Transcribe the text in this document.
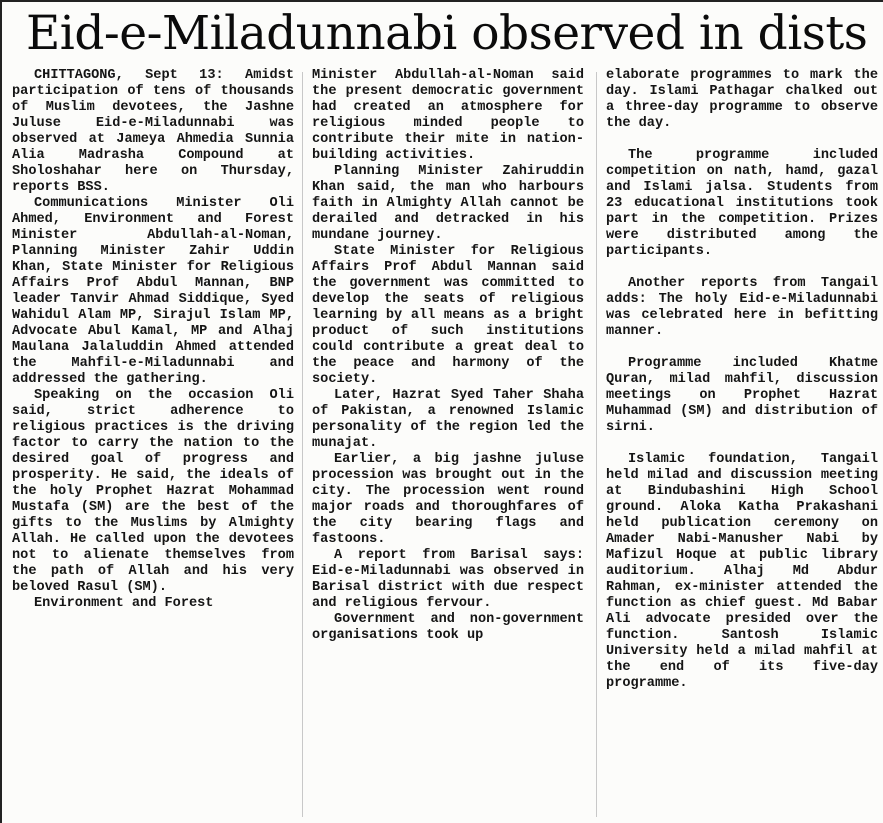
Eid-e-Miladunnabi observed in dists

CHITTAGONG, Sept 13: Amidst participation of tens of thousands of Muslim devotees, the Jashne Juluse Eid-e-Miladunnabi was observed at Jameya Ahmedia Sunnia Alia Madrasha Compound at Sholoshahar here on Thursday, reports BSS.

Communications Minister Oli Ahmed, Environment and Forest Minister Abdullah-al-Noman, Planning Minister Zahir Uddin Khan, State Minister for Religious Affairs Prof Abdul Mannan, BNP leader Tanvir Ahmad Siddique, Syed Wahidul Alam MP, Sirajul Islam MP, Advocate Abul Kamal, MP and Alhaj Maulana Jalaluddin Ahmed attended the Mahfil-e-Miladunnabi and addressed the gathering.

Speaking on the occasion Oli said, strict adherence to religious practices is the driving factor to carry the nation to the desired goal of progress and prosperity. He said, the ideals of the holy Prophet Hazrat Mohammad Mustafa (SM) are the best of the gifts to the Muslims by Almighty Allah. He called upon the devotees not to alienate themselves from the path of Allah and his very beloved Rasul (SM).

Environment and Forest

Minister Abdullah-al-Noman said the present democratic government had created an atmosphere for religious minded people to contribute their mite in nation-building activities.

Planning Minister Zahiruddin Khan said, the man who harbours faith in Almighty Allah cannot be derailed and detracked in his mundane journey.

State Minister for Religious Affairs Prof Abdul Mannan said the government was committed to develop the seats of religious learning by all means as a bright product of such institutions could contribute a great deal to the peace and harmony of the society.

Later, Hazrat Syed Taher Shaha of Pakistan, a renowned Islamic personality of the region led the munajat.

Earlier, a big jashne juluse procession was brought out in the city. The procession went round major roads and thoroughfares of the city bearing flags and fastoons.

A report from Barisal says: Eid-e-Miladunnabi was observed in Barisal district with due respect and religious fervour.

Government and non-government organisations took up

elaborate programmes to mark the day. Islami Pathagar chalked out a three-day programme to observe the day.

The programme included competition on nath, hamd, gazal and Islami jalsa. Students from 23 educational institutions took part in the competition. Prizes were distributed among the participants.

Another reports from Tangail adds: The holy Eid-e-Miladunnabi was celebrated here in befitting manner.

Programme included Khatme Quran, milad mahfil, discussion meetings on Prophet Hazrat Muhammad (SM) and distribution of sirni.

Islamic foundation, Tangail held milad and discussion meeting at Bindubashini High School ground. Aloka Katha Prakashani held publication ceremony on Amader Nabi-Manusher Nabi by Mafizul Hoque at public library auditorium. Alhaj Md Abdur Rahman, ex-minister attended the function as chief guest. Md Babar Ali advocate presided over the function. Santosh Islamic University held a milad mahfil at the end of its five-day programme.
